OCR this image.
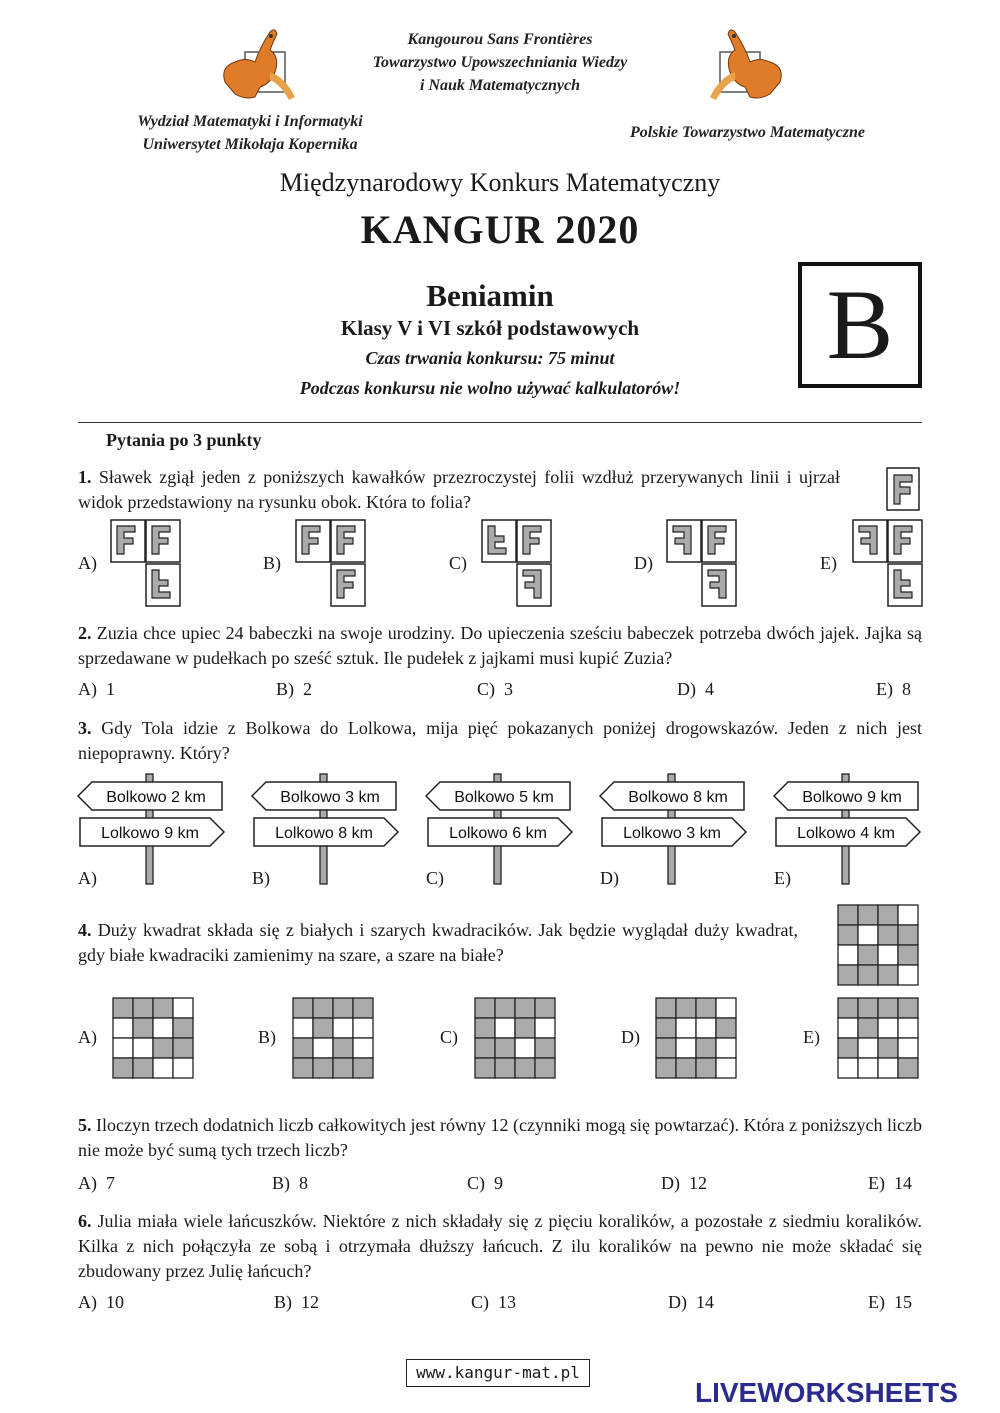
Kangourou Sans Frontières
Towarzystwo Upowszechniania Wiedzy
i Nauk Matematycznych
Wydział Matematyki i Informatyki
Uniwersytet Mikołaja Kopernika
Polskie Towarzystwo Matematyczne
Międzynarodowy Konkurs Matematyczny
KANGUR 2020
Beniamin
Klasy V i VI szkół podstawowych
Czas trwania konkursu: 75 minut
Podczas konkursu nie wolno używać kalkulatorów!
B
Pytania po 3 punkty
1. Sławek zgiął jeden z poniższych kawałków przezroczystej folii wzdłuż przerywanych linii i ujrzał widok przedstawiony na rysunku obok. Która to folia?
A)	B)	C)	D)	E)
2. Zuzia chce upiec 24 babeczki na swoje urodziny. Do upieczenia sześciu babeczek potrzeba dwóch jajek. Jajka są sprzedawane w pudełkach po sześć sztuk. Ile pudełek z jajkami musi kupić Zuzia?
A) 1	B) 2	C) 3	D) 4	E) 8
3. Gdy Tola idzie z Bolkowa do Lolkowa, mija pięć pokazanych poniżej drogowskazów. Jeden z nich jest niepoprawny. Który?
Bolkowo 2 km
Lolkowo 9 km
A)
Bolkowo 3 km
Lolkowo 8 km
B)
Bolkowo 5 km
Lolkowo 6 km
C)
Bolkowo 8 km
Lolkowo 3 km
D)
Bolkowo 9 km
Lolkowo 4 km
E)
4. Duży kwadrat składa się z białych i szarych kwadracików. Jak będzie wyglądał duży kwadrat, gdy białe kwadraciki zamienimy na szare, a szare na białe?
A)	B)	C)	D)	E)
5. Iloczyn trzech dodatnich liczb całkowitych jest równy 12 (czynniki mogą się powtarzać). Która z poniższych liczb nie może być sumą tych trzech liczb?
A) 7	B) 8	C) 9	D) 12	E) 14
6. Julia miała wiele łańcuszków. Niektóre z nich składały się z pięciu koralików, a pozostałe z siedmiu koralików. Kilka z nich połączyła ze sobą i otrzymała dłuższy łańcuch. Z ilu koralików na pewno nie może składać się zbudowany przez Julię łańcuch?
A) 10	B) 12	C) 13	D) 14	E) 15
www.kangur-mat.pl
LIVEWORKSHEETS
